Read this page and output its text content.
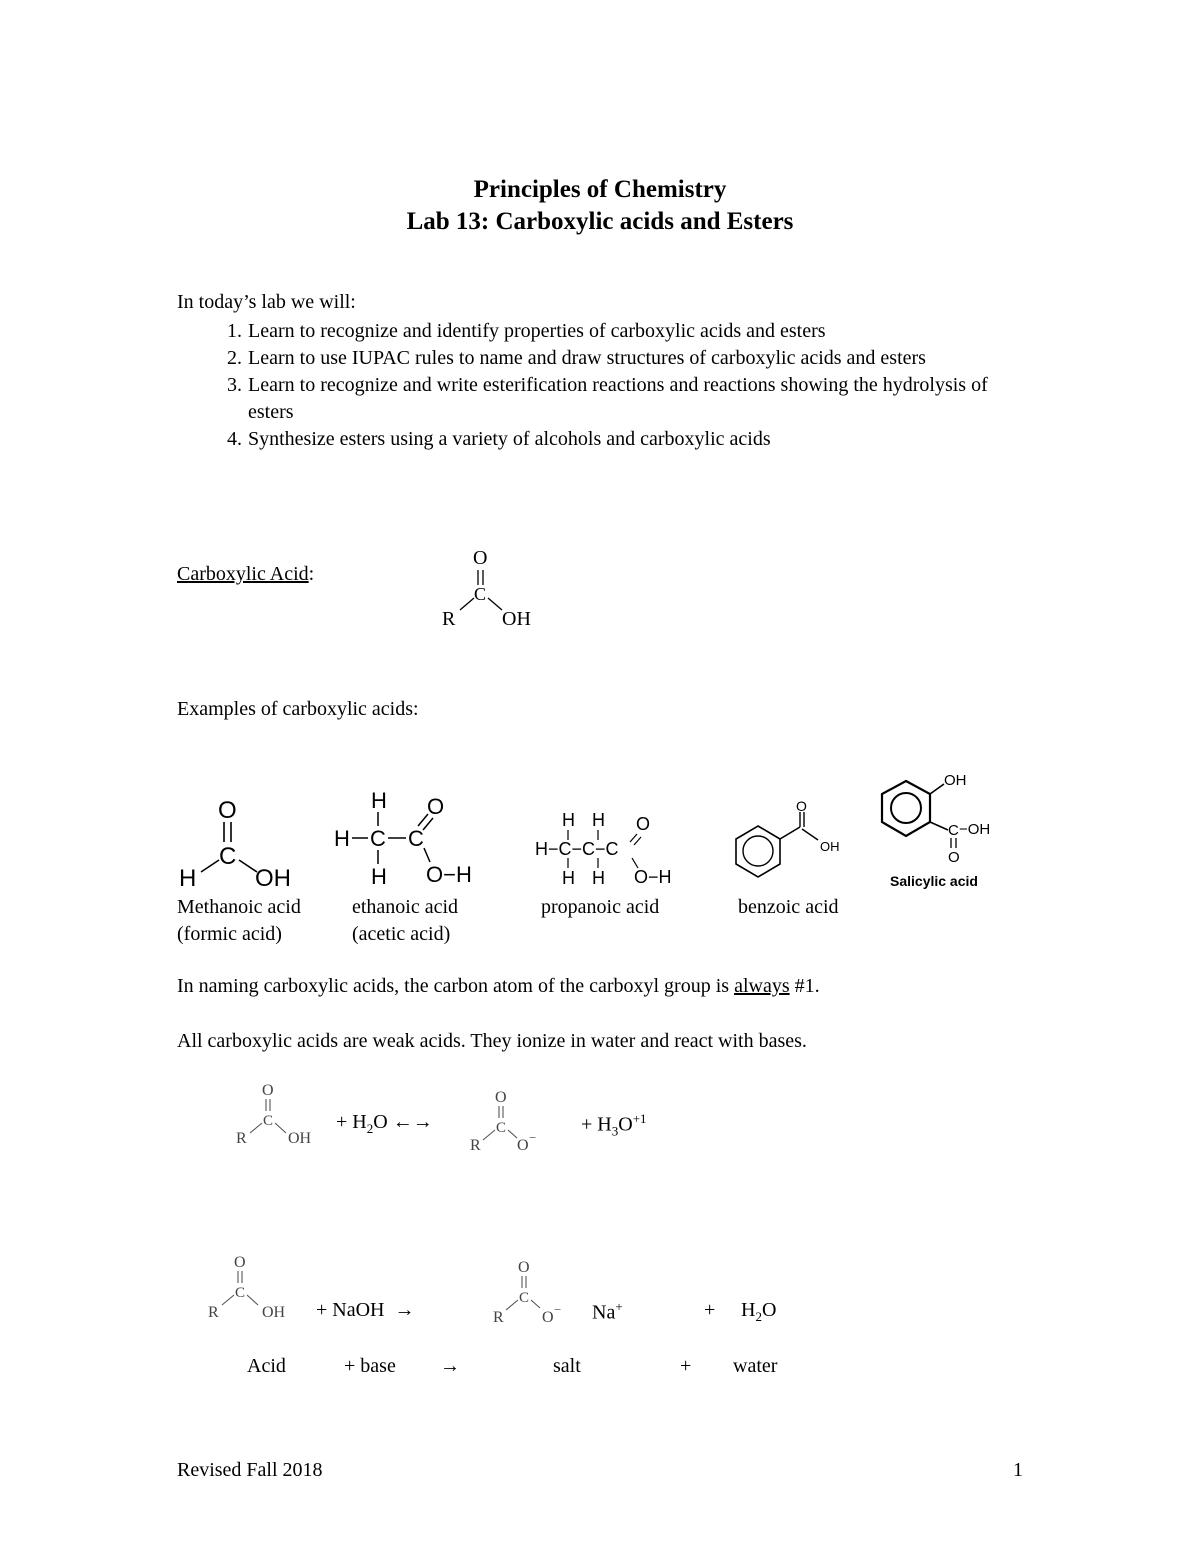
Principles of Chemistry
Lab 13: Carboxylic acids and Esters
In today’s lab we will:
1. Learn to recognize and identify properties of carboxylic acids and esters
2. Learn to use IUPAC rules to name and draw structures of carboxylic acids and esters
3. Learn to recognize and write esterification reactions and reactions showing the hydrolysis of esters
4. Synthesize esters using a variety of alcohols and carboxylic acids
Carboxylic Acid:
O
C
R OH
Examples of carboxylic acids:
O
C
H OH
H
H C C
H
O
O−H
H H
H−C−C−C
H H
O
O−H
O
OH
OH
C −OH
O
Salicylic acid
Methanoic acid
(formic acid)
ethanoic acid
(acetic acid)
propanoic acid	benzoic acid
In naming carboxylic acids, the carbon atom of the carboxyl group is always #1.
All carboxylic acids are weak acids. They ionize in water and react with bases.
O
C
R	OH
+ $H_2O$ ←→
O
C
R O −
+ $H_3O^{+1}$
O
C
R	OH + NaOH →
O
C
R O − Na+	+ $H_2O$
Acid	+ base →	salt	+ water
Revised Fall 2018	1
